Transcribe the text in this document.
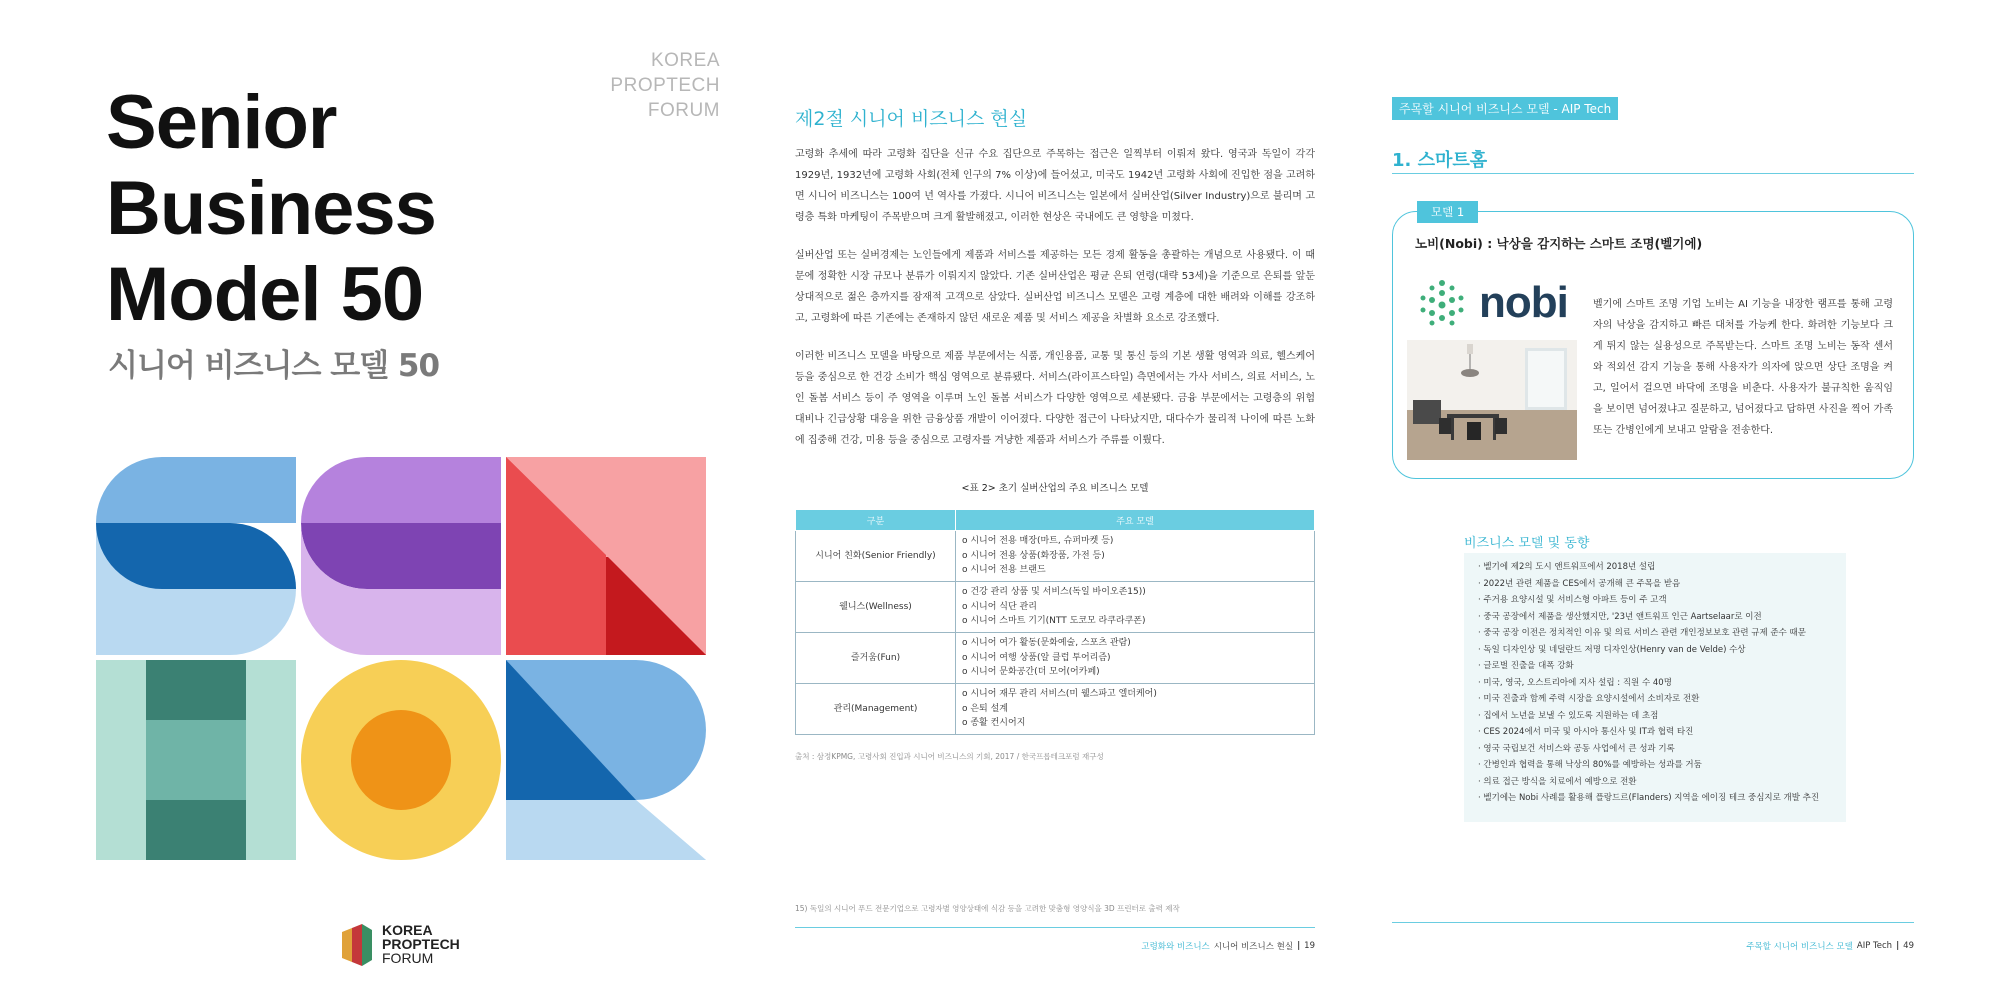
KOREA
PROPTECH
FORUM
Senior
Business
Model 50
시니어 비즈니스 모델 50
KOREA
PROPTECH
FORUM
제2절 시니어 비즈니스 현실

고령화 추세에 따라 고령화 집단을 신규 수요 집단으로 주목하는 접근은 일찍부터 이뤄져 왔다. 영국과 독일이 각각 1929년, 1932년에 고령화 사회(전체 인구의 7% 이상)에 들어섰고, 미국도 1942년 고령화 사회에 진입한 점을 고려하면 시니어 비즈니스는 100여 년 역사를 가졌다. 시니어 비즈니스는 일본에서 실버산업(Silver Industry)으로 불리며 고령층 특화 마케팅이 주목받으며 크게 활발해졌고, 이러한 현상은 국내에도 큰 영향을 미쳤다.

실버산업 또는 실버경제는 노인들에게 제품과 서비스를 제공하는 모든 경제 활동을 총괄하는 개념으로 사용됐다. 이 때문에 정확한 시장 규모나 분류가 이뤄지지 않았다. 기존 실버산업은 평균 은퇴 연령(대략 53세)을 기준으로 은퇴를 앞둔 상대적으로 젊은 층까지를 잠재적 고객으로 삼았다. 실버산업 비즈니스 모델은 고령 계층에 대한 배려와 이해를 강조하고, 고령화에 따른 기존에는 존재하지 않던 새로운 제품 및 서비스 제공을 차별화 요소로 강조했다.

이러한 비즈니스 모델을 바탕으로 제품 부문에서는 식품, 개인용품, 교통 및 통신 등의 기본 생활 영역과 의료, 헬스케어 등을 중심으로 한 건강 소비가 핵심 영역으로 분류됐다. 서비스(라이프스타일) 측면에서는 가사 서비스, 의료 서비스, 노인 돌봄 서비스 등이 주 영역을 이루며 노인 돌봄 서비스가 다양한 영역으로 세분됐다. 금융 부문에서는 고령층의 위험 대비나 긴급상황 대응을 위한 금융상품 개발이 이어졌다. 다양한 접근이 나타났지만, 대다수가 물리적 나이에 따른 노화에 집중해 건강, 미용 등을 중심으로 고령자를 겨냥한 제품과 서비스가 주류를 이뤘다.

<표 2> 초기 실버산업의 주요 비즈니스 모델
구분	주요 모델
시니어 친화(Senior Friendly)	o 시니어 전용 매장(마트, 슈퍼마켓 등)
o 시니어 전용 상품(화장품, 가전 등)
o 시니어 전용 브랜드

웰니스(Wellness)	o 건강 관리 상품 및 서비스(독일 바이오존15))
o 시니어 식단 관리
o 시니어 스마트 기기(NTT 도코모 라쿠라쿠폰)

즐거움(Fun)	o 시니어 여가 활동(문화예술, 스포츠 관람)
o 시니어 여행 상품(알 클럽 투어리즘)
o 시니어 문화공간(더 모어(어카페)

관리(Management)	o 시니어 재무 관리 서비스(미 웰스파고 엘더케어)
o 은퇴 설계
o 종활 컨시어지
출처 : 삼정KPMG, 고령사회 진입과 시니어 비즈니스의 기회, 2017 / 한국프롭테크포럼 재구성
15) 독일의 시니어 푸드 전문기업으로 고령자별 영양상태에 식감 등을 고려한 맞춤형 영양식을 3D 프린터로 출력 제작
고령화와 비즈니스 시니어 비즈니스 현실 | 19
주목할 시니어 비즈니스 모델 - AIP Tech
1. 스마트홈
모델 1
노비(Nobi) : 낙상을 감지하는 스마트 조명(벨기에)
nobi	벨기에 스마트 조명 기업 노비는 AI 기능을 내장한 램프를 통해 고령자의 낙상을 감지하고 빠른 대처를 가능케 한다. 화려한 기능보다 크게 튀지 않는 실용성으로 주목받는다. 스마트 조명 노비는 동작 센서와 적외선 감지 기능을 통해 사용자가 의자에 앉으면 상단 조명을 켜고, 일어서 걸으면 바닥에 조명을 비춘다. 사용자가 불규칙한 움직임을 보이면 넘어졌냐고 질문하고, 넘어졌다고 답하면 사진을 찍어 가족 또는 간병인에게 보내고 알람을 전송한다.
비즈니스 모델 및 동향
· 벨기에 제2의 도시 앤트워프에서 2018년 설립
· 2022년 관련 제품을 CES에서 공개해 큰 주목을 받음
· 주거용 요양시설 및 서비스형 아파트 등이 주 고객
· 중국 공장에서 제품을 생산했지만, '23년 앤트워프 인근 Aartselaar로 이전
· 중국 공장 이전은 정치적인 이유 및 의료 서비스 관련 개인정보보호 관련 규제 준수 때문
· 독일 디자인상 및 네덜란드 저명 디자인상(Henry van de Velde) 수상
· 글로벌 진출을 대폭 강화
· 미국, 영국, 오스트리아에 지사 설립 : 직원 수 40명
· 미국 진출과 함께 주력 시장을 요양시설에서 소비자로 전환
· 집에서 노년을 보낼 수 있도록 지원하는 데 초점
· CES 2024에서 미국 및 아시아 통신사 및 IT과 협력 타진
· 영국 국립보건 서비스와 공동 사업에서 큰 성과 기록
· 간병인과 협력을 통해 낙상의 80%를 예방하는 성과를 거둠
· 의료 접근 방식을 치료에서 예방으로 전환
· 벨기에는 Nobi 사례를 활용해 플랑드르(Flanders) 지역을 에이징 테크 중심지로 개발 추진
주목할 시니어 비즈니스 모델 AIP Tech | 49
